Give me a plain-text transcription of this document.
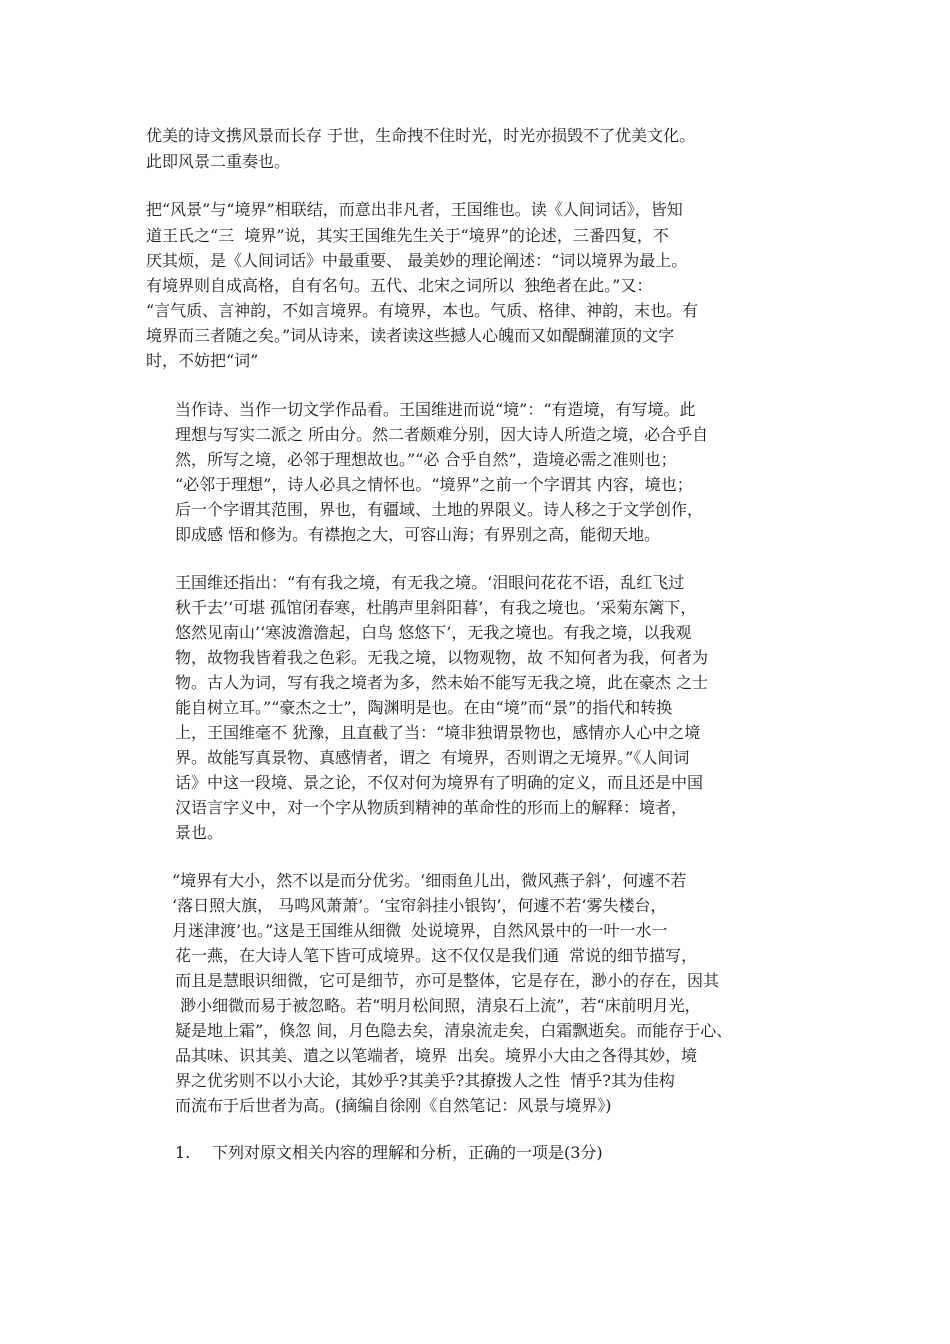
优美的诗文携风景而长存 于世，生命拽不住时光，时光亦损毁不了优美文化。

此即风景二重奏也。

把“风景”与“境界”相联结，而意出非凡者，王国维也。读《人间词话》，皆知

道王氏之“三  境界”说，其实王国维先生关于“境界”的论述，三番四复，不

厌其烦，是《人间词话》中最重要、 最美妙的理论阐述：“词以境界为最上。

有境界则自成高格，自有名句。五代、北宋之词所以  独绝者在此。”又：

“言气质、言神韵，不如言境界。有境界，本也。气质、格律、神韵，末也。有

境界而三者随之矣。”词从诗来，读者读这些撼人心魄而又如醍醐灌顶的文字

时，不妨把“词”

当作诗、当作一切文学作品看。王国维进而说“境”：“有造境，有写境。此

理想与写实二派之 所由分。然二者颇难分别，因大诗人所造之境，必合乎自

然，所写之境，必邻于理想故也。”“必 合乎自然”，造境必需之准则也；

“必邻于理想”，诗人必具之情怀也。“境界”之前一个字谓其 内容，境也；

后一个字谓其范围，界也，有疆域、土地的界限义。诗人移之于文学创作，

即成感 悟和修为。有襟抱之大，可容山海；有界别之高，能彻天地。

王国维还指出：“有有我之境，有无我之境。‘泪眼问花花不语，乱红飞过

秋千去’‘可堪 孤馆闭春寒，杜鹃声里斜阳暮’，有我之境也。‘采菊东篱下，

悠然见南山’‘寒波澹澹起，白鸟 悠悠下’，无我之境也。有我之境，以我观

物，故物我皆着我之色彩。无我之境，以物观物，故 不知何者为我，何者为

物。古人为词，写有我之境者为多，然未始不能写无我之境，此在豪杰 之士

能自树立耳。”“豪杰之士”，陶渊明是也。在由“境”而“景”的指代和转换

上，王国维毫不 犹豫，且直截了当：“境非独谓景物也，感情亦人心中之境

界。故能写真景物、真感情者，谓之  有境界，否则谓之无境界。”《人间词

话》中这一段境、景之论，不仅对何为境界有了明确的定义，而且还是中国

汉语言字义中，对一个字从物质到精神的革命性的形而上的解释：境者，

景也。

“境界有大小，然不以是而分优劣。‘细雨鱼儿出，微风燕子斜’，何遽不若

‘落日照大旗， 马鸣风萧萧’。‘宝帘斜挂小银钩’，何遽不若‘雾失楼台，

月迷津渡’也。”这是王国维从细微  处说境界，自然风景中的一叶一水一

花一燕，在大诗人笔下皆可成境界。这不仅仅是我们通  常说的细节描写，

而且是慧眼识细微，它可是细节，亦可是整体，它是存在，渺小的存在，因其

渺小细微而易于被忽略。若“明月松间照，清泉石上流”，若“床前明月光，

疑是地上霜”，倏忽 间，月色隐去矣，清泉流走矣，白霜飘逝矣。而能存于心、

品其味、识其美、遣之以笔端者，境界  出矣。境界小大由之各得其妙，境

界之优劣则不以小大论，其妙乎?其美乎?其撩拨人之性  情乎?其为佳构

而流布于后世者为高。(摘编自徐刚《自然笔记：风景与境界》)

1. 下列对原文相关内容的理解和分析，正确的一项是(3分)
